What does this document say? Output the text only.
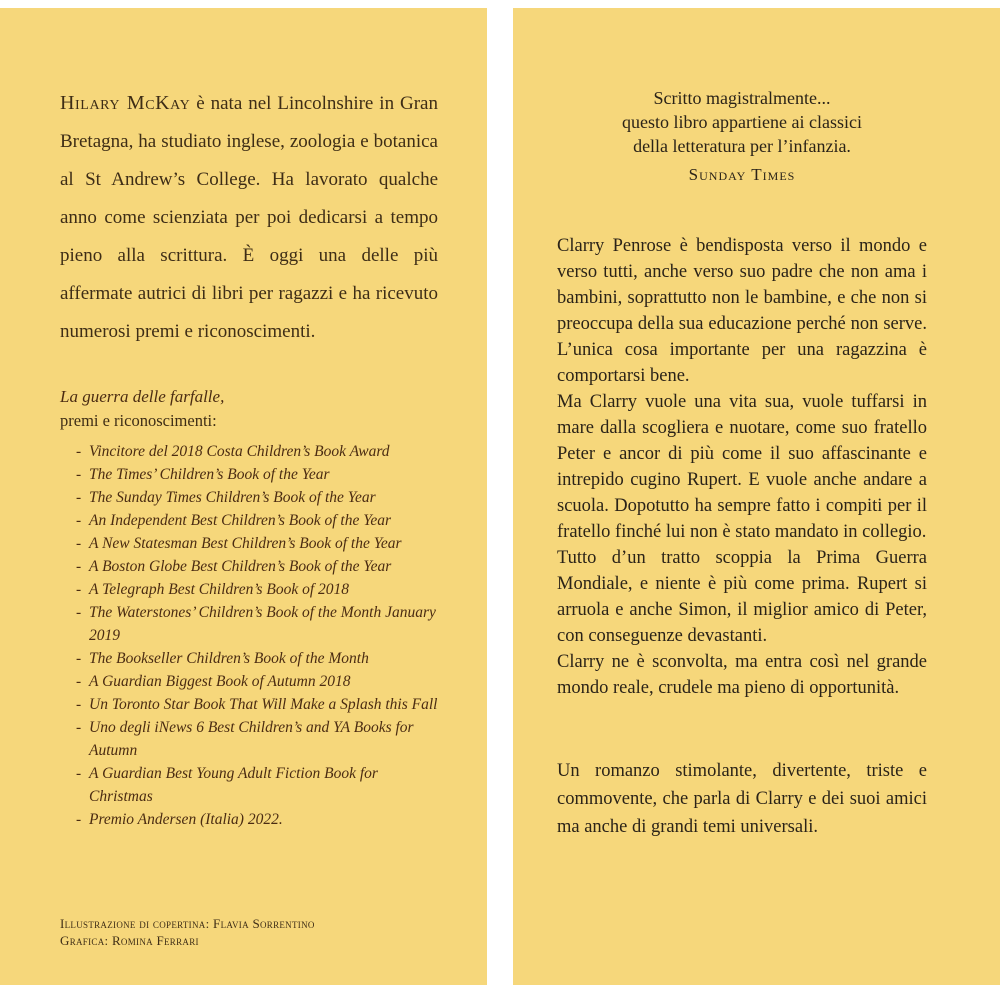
Hilary McKay è nata nel Lincolnshire in Gran Bretagna, ha studiato inglese, zoologia e botanica al St Andrew’s College. Ha lavorato qualche anno come scienziata per poi dedicarsi a tempo pieno alla scrittura. È oggi una delle più affermate autrici di libri per ragazzi e ha ricevuto numerosi premi e riconoscimenti.

La guerra delle farfalle,
premi e riconoscimenti:
- Vincitore del 2018 Costa Children’s Book Award
- The Times’ Children’s Book of the Year
- The Sunday Times Children’s Book of the Year
- An Independent Best Children’s Book of the Year
- A New Statesman Best Children’s Book of the Year
- A Boston Globe Best Children’s Book of the Year
- A Telegraph Best Children’s Book of 2018
- The Waterstones’ Children’s Book of the Month January 2019
- The Bookseller Children’s Book of the Month
- A Guardian Biggest Book of Autumn 2018
- Un Toronto Star Book That Will Make a Splash this Fall
- Uno degli iNews 6 Best Children’s and YA Books for Autumn
- A Guardian Best Young Adult Fiction Book for Christmas
- Premio Andersen (Italia) 2022.
Illustrazione di copertina: Flavia Sorrentino
Grafica: Romina Ferrari
Scritto magistralmente...
questo libro appartiene ai classici
della letteratura per l’infanzia.
Sunday Times

Clarry Penrose è bendisposta verso il mondo e verso tutti, anche verso suo padre che non ama i bambini, soprattutto non le bambine, e che non si preoccupa della sua educazione perché non serve. L’unica cosa importante per una ragazzina è comportarsi bene.

Ma Clarry vuole una vita sua, vuole tuffarsi in mare dalla scogliera e nuotare, come suo fratello Peter e ancor di più come il suo affascinante e intrepido cugino Rupert. E vuole anche andare a scuola. Dopotutto ha sempre fatto i compiti per il fratello finché lui non è stato mandato in collegio.

Tutto d’un tratto scoppia la Prima Guerra Mondiale, e niente è più come prima. Rupert si arruola e anche Simon, il miglior amico di Peter, con conseguenze devastanti.

Clarry ne è sconvolta, ma entra così nel grande mondo reale, crudele ma pieno di opportunità.

Un romanzo stimolante, divertente, triste e commovente, che parla di Clarry e dei suoi amici ma anche di grandi temi universali.
